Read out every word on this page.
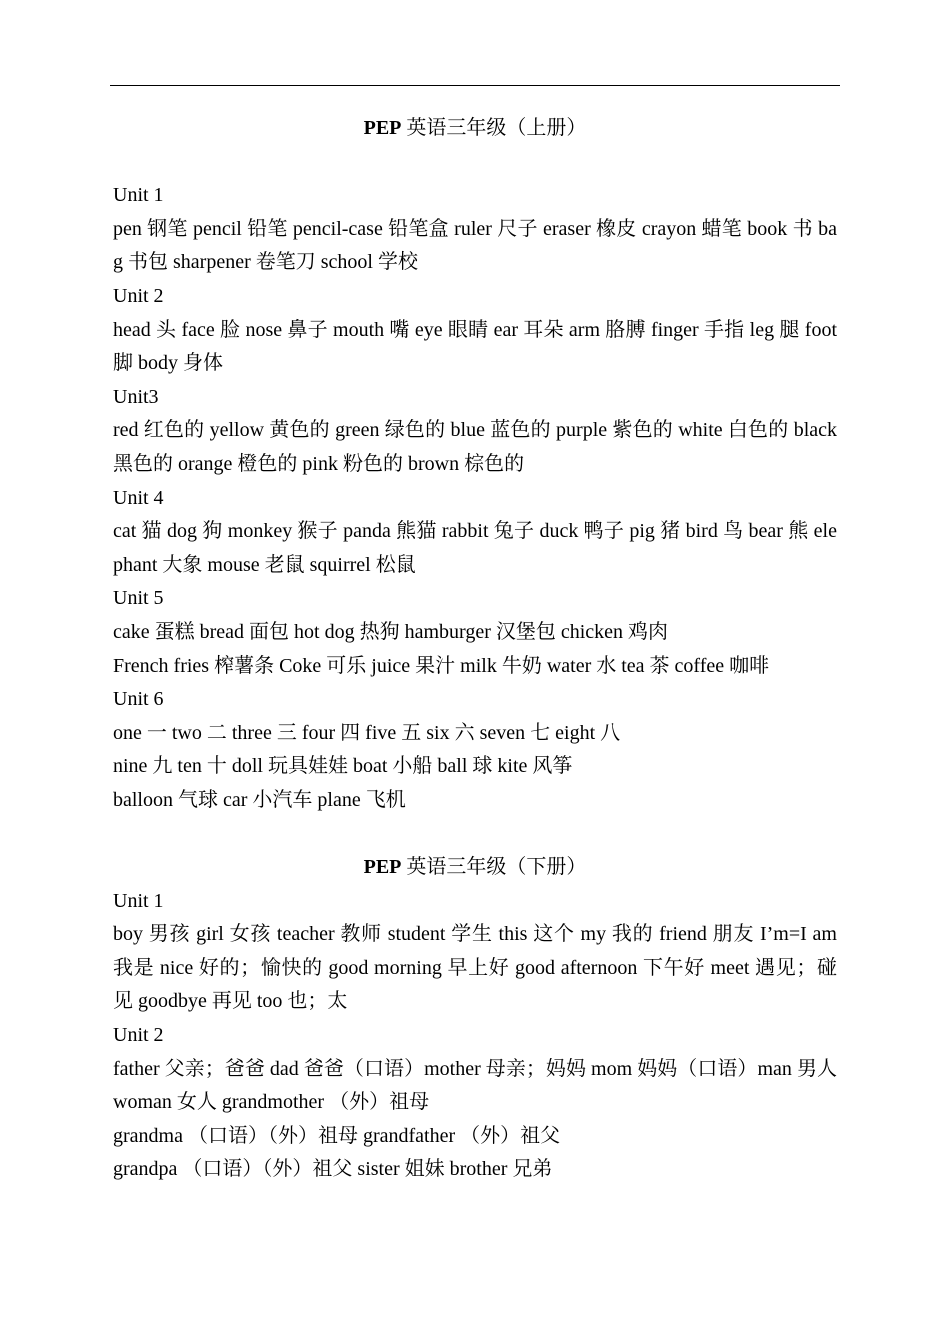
PEP 英语三年级（上册）
Unit 1
pen 钢笔 pencil 铅笔 pencil-case 铅笔盒 ruler 尺子 eraser 橡皮 crayon 蜡笔 book 书 bag 书包 sharpener 卷笔刀 school 学校
Unit 2
head 头 face 脸 nose 鼻子 mouth 嘴 eye 眼睛 ear 耳朵 arm 胳膊 finger 手指 leg 腿 foot 脚 body 身体
Unit3
red 红色的 yellow 黄色的 green 绿色的 blue 蓝色的 purple 紫色的 white 白色的 black 黑色的 orange 橙色的 pink 粉色的 brown 棕色的
Unit 4
cat 猫 dog 狗 monkey 猴子 panda 熊猫 rabbit 兔子 duck 鸭子 pig 猪 bird 鸟 bear 熊 elephant 大象 mouse 老鼠 squirrel 松鼠
Unit 5
cake 蛋糕 bread 面包 hot dog 热狗 hamburger 汉堡包 chicken 鸡肉
French fries 榨薯条 Coke 可乐 juice 果汁 milk 牛奶 water 水 tea 茶 coffee 咖啡
Unit 6
one 一 two 二 three 三 four 四 five 五 six 六 seven 七 eight 八
nine 九 ten 十 doll 玩具娃娃 boat 小船 ball 球 kite 风筝
balloon 气球 car 小汽车 plane 飞机
PEP 英语三年级（下册）
Unit 1
boy 男孩 girl 女孩 teacher 教师 student 学生 this 这个 my 我的 friend 朋友 I’m=I am 我是 nice 好的；愉快的 good morning 早上好 good afternoon 下午好 meet 遇见；碰见 goodbye 再见 too 也；太
Unit 2
father 父亲；爸爸 dad 爸爸（口语）mother 母亲；妈妈 mom 妈妈（口语）man 男人 woman 女人 grandmother （外）祖母
grandma （口语）（外）祖母 grandfather （外）祖父
grandpa （口语）（外）祖父 sister 姐妹 brother 兄弟
